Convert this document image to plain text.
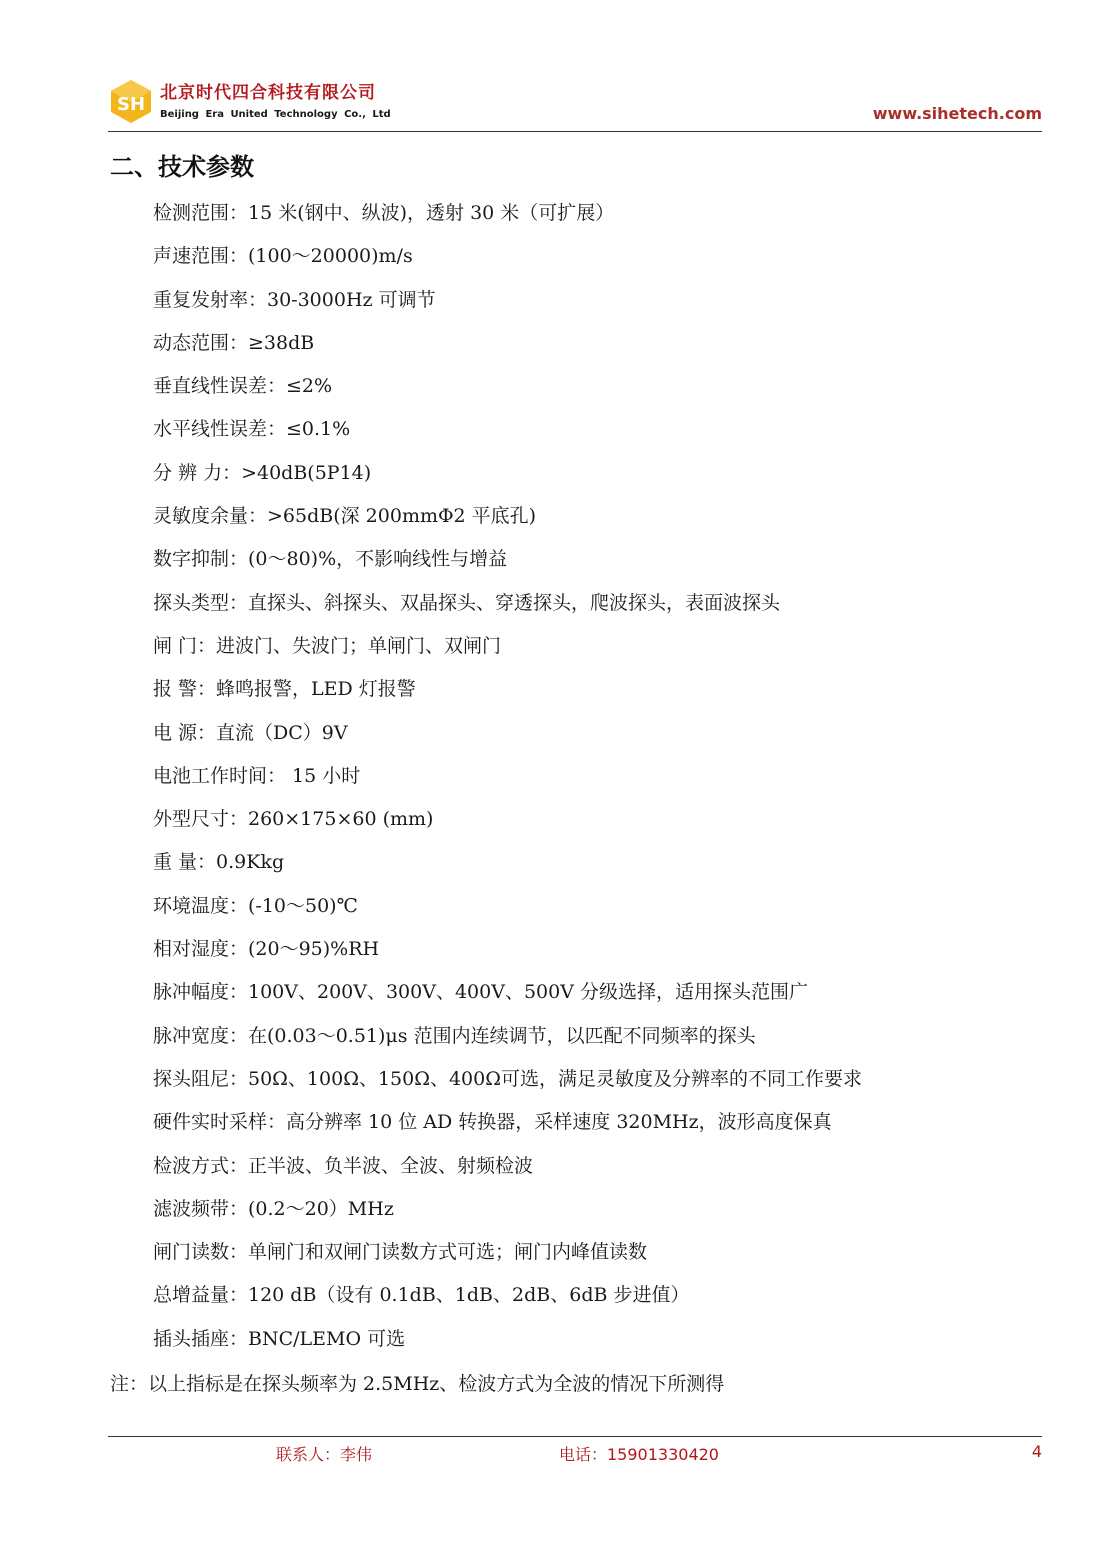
SH
北京时代四合科技有限公司
Beijing Era United Technology Co., Ltd	www.sihetech.com
二、技术参数
检测范围：15 米(钢中、纵波)，透射 30 米（可扩展）
声速范围：(100～20000)m/s
重复发射率：30-3000Hz 可调节
动态范围：≥38dB
垂直线性误差：≤2%
水平线性误差：≤0.1%
分 辨 力：>40dB(5P14)
灵敏度余量：>65dB(深 200mmΦ2 平底孔)
数字抑制：(0～80)%，不影响线性与增益
探头类型：直探头、斜探头、双晶探头、穿透探头，爬波探头，表面波探头
闸 门：进波门、失波门；单闸门、双闸门
报 警：蜂鸣报警，LED 灯报警
电 源：直流（DC）9V
电池工作时间： 15 小时
外型尺寸：260×175×60 (mm)
重 量：0.9Kkg
环境温度：(-10～50)℃
相对湿度：(20～95)%RH
脉冲幅度：100V、200V、300V、400V、500V 分级选择，适用探头范围广
脉冲宽度：在(0.03～0.51)μs 范围内连续调节，以匹配不同频率的探头
探头阻尼：50Ω、100Ω、150Ω、400Ω可选，满足灵敏度及分辨率的不同工作要求
硬件实时采样：高分辨率 10 位 AD 转换器，采样速度 320MHz，波形高度保真
检波方式：正半波、负半波、全波、射频检波
滤波频带：(0.2～20）MHz
闸门读数：单闸门和双闸门读数方式可选；闸门内峰值读数
总增益量：120 dB（设有 0.1dB、1dB、2dB、6dB 步进值）
插头插座：BNC/LEMO 可选
注：以上指标是在探头频率为 2.5MHz、检波方式为全波的情况下所测得
联系人：李伟	电话：15901330420	4
